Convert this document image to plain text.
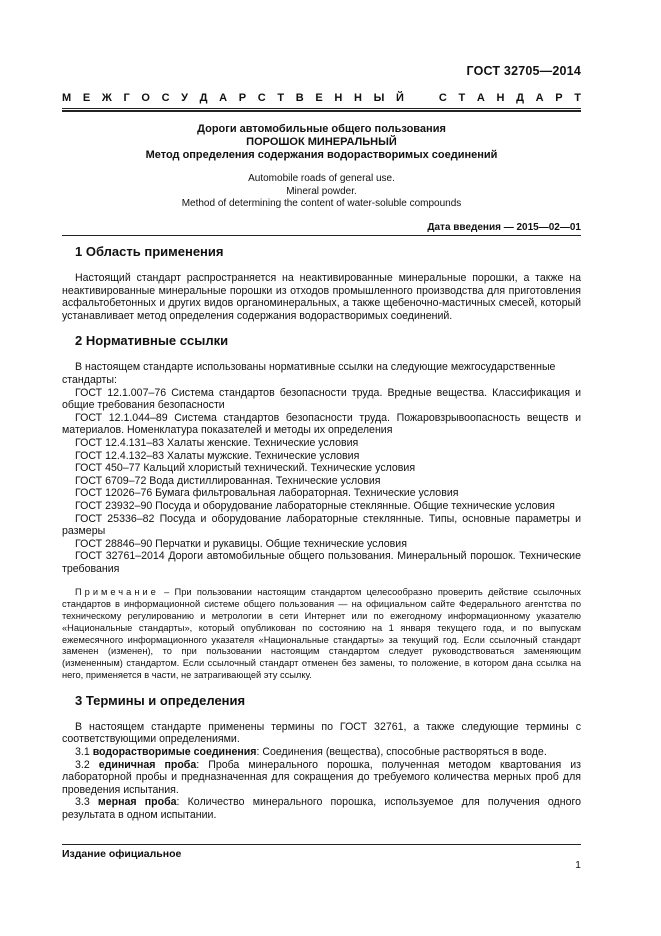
ГОСТ 32705—2014
М Е Ж Г О С У Д А Р С Т В Е Н Н Ы Й	С Т А Н Д А Р Т
Дороги автомобильные общего пользования
ПОРОШОК МИНЕРАЛЬНЫЙ
Метод определения содержания водорастворимых соединений
Automobile roads of general use.
Mineral powder.
Method of determining the content of water-soluble compounds
Дата введения — 2015—02—01
1 Область применения

Настоящий стандарт распространяется на неактивированные минеральные порошки, а также на неактивированные минеральные порошки из отходов промышленного производства для приготовления асфальтобетонных и других видов органоминеральных, а также щебеночно-мастичных смесей, который устанавливает метод определения содержания водорастворимых соединений.

2 Нормативные ссылки

В настоящем стандарте использованы нормативные ссылки на следующие межгосударственные стандарты:

ГОСТ 12.1.007–76 Система стандартов безопасности труда. Вредные вещества. Классификация и общие требования безопасности

ГОСТ 12.1.044–89 Система стандартов безопасности труда. Пожаровзрывоопасность веществ и материалов. Номенклатура показателей и методы их определения

ГОСТ 12.4.131–83 Халаты женские. Технические условия

ГОСТ 12.4.132–83 Халаты мужские. Технические условия

ГОСТ 450–77 Кальций хлористый технический. Технические условия

ГОСТ 6709–72 Вода дистиллированная. Технические условия

ГОСТ 12026–76 Бумага фильтровальная лабораторная. Технические условия

ГОСТ 23932–90 Посуда и оборудование лабораторные стеклянные. Общие технические условия

ГОСТ 25336–82 Посуда и оборудование лабораторные стеклянные. Типы, основные параметры и размеры

ГОСТ 28846–90 Перчатки и рукавицы. Общие технические условия

ГОСТ 32761–2014 Дороги автомобильные общего пользования. Минеральный порошок. Технические требования

Примечание – При пользовании настоящим стандартом целесообразно проверить действие ссылочных стандартов в информационной системе общего пользования — на официальном сайте Федерального агентства по техническому регулированию и метрологии в сети Интернет или по ежегодному информационному указателю «Национальные стандарты», который опубликован по состоянию на 1 января текущего года, и по выпускам ежемесячного информационного указателя «Национальные стандарты» за текущий год. Если ссылочный стандарт заменен (изменен), то при пользовании настоящим стандартом следует руководствоваться заменяющим (измененным) стандартом. Если ссылочный стандарт отменен без замены, то положение, в котором дана ссылка на него, применяется в части, не затрагивающей эту ссылку.
3 Термины и определения

В настоящем стандарте применены термины по ГОСТ 32761, а также следующие термины с соответствующими определениями.

3.1 водорастворимые соединения: Соединения (вещества), способные растворяться в воде.

3.2 единичная проба: Проба минерального порошка, полученная методом квартования из лабораторной пробы и предназначенная для сокращения до требуемого количества мерных проб для проведения испытания.

3.3 мерная проба: Количество минерального порошка, используемое для получения одного результата в одном испытании.

Издание официальное
1
